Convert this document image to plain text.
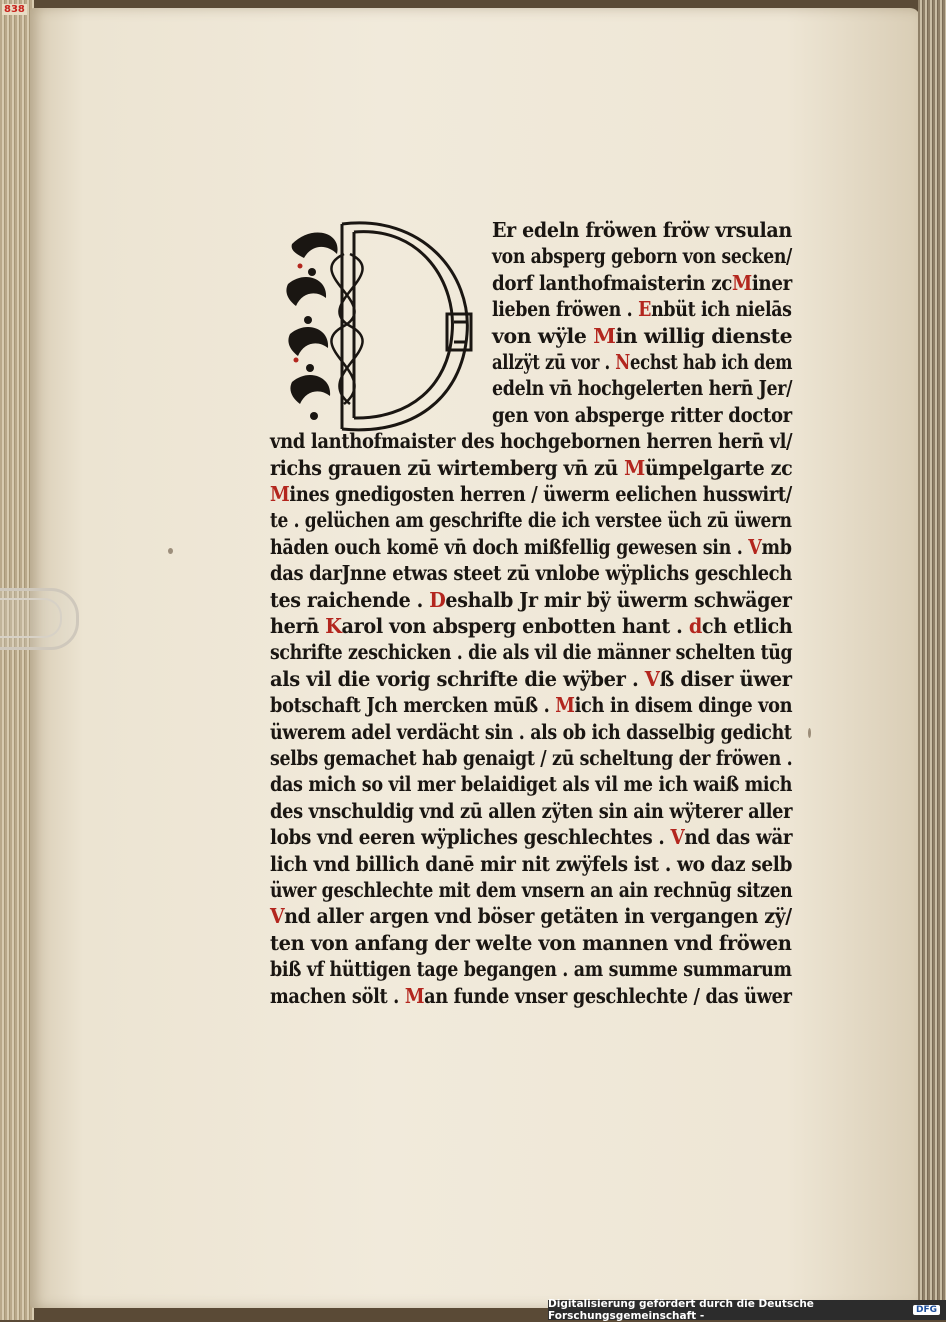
838
Er edeln fröwen fröw vrsulan
von absperg geborn von secken/
dorf lanthofmaisterin zcMiner
lieben fröwen . Enbüt ich nielās
von wÿle Min willig dienste
allzÿt zū vor . Nechst hab ich dem
edeln vn̄ hochgelerten hern̄ Jer/
gen von absperge ritter doctor
vnd lanthofmaister des hochgebornen herren hern̄ vl/
richs grauen zū wirtemberg vn̄ zū Mümpelgarte zc
Mines gnedigosten herren / üwerm eelichen husswirt/
te . gelüchen am geschrifte die ich verstee üch zū üwern
hāden ouch komē vn̄ doch mißfellig gewesen sin . Vmb
das darJnne etwas steet zū vnlobe wÿplichs geschlech
tes raichende . Deshalb Jr mir bÿ üwerm schwäger
hern̄ Karol von absperg enbotten hant . dch etlich
schrifte zeschicken . die als vil die männer schelten tūg
als vil die vorig schrifte die wÿber . Vß diser üwer
botschaft Jch mercken mūß . Mich in disem dinge von
üwerem adel verdächt sin . als ob ich dasselbig gedicht
selbs gemachet hab genaigt / zū scheltung der fröwen .
das mich so vil mer belaidiget als vil me ich waiß mich
des vnschuldig vnd zū allen zÿten sin ain wÿterer aller
lobs vnd eeren wÿpliches geschlechtes . Vnd das wär
lich vnd billich danē mir nit zwÿfels ist . wo daz selb
üwer geschlechte mit dem vnsern an ain rechnūg sitzen
Vnd aller argen vnd böser getäten in vergangen zÿ/
ten von anfang der welte von mannen vnd fröwen
biß vf hüttigen tage begangen . am summe summarum
machen sölt . Man funde vnser geschlechte / das üwer
Digitalisierung gefördert durch die Deutsche Forschungsgemeinschaft -	DFG
